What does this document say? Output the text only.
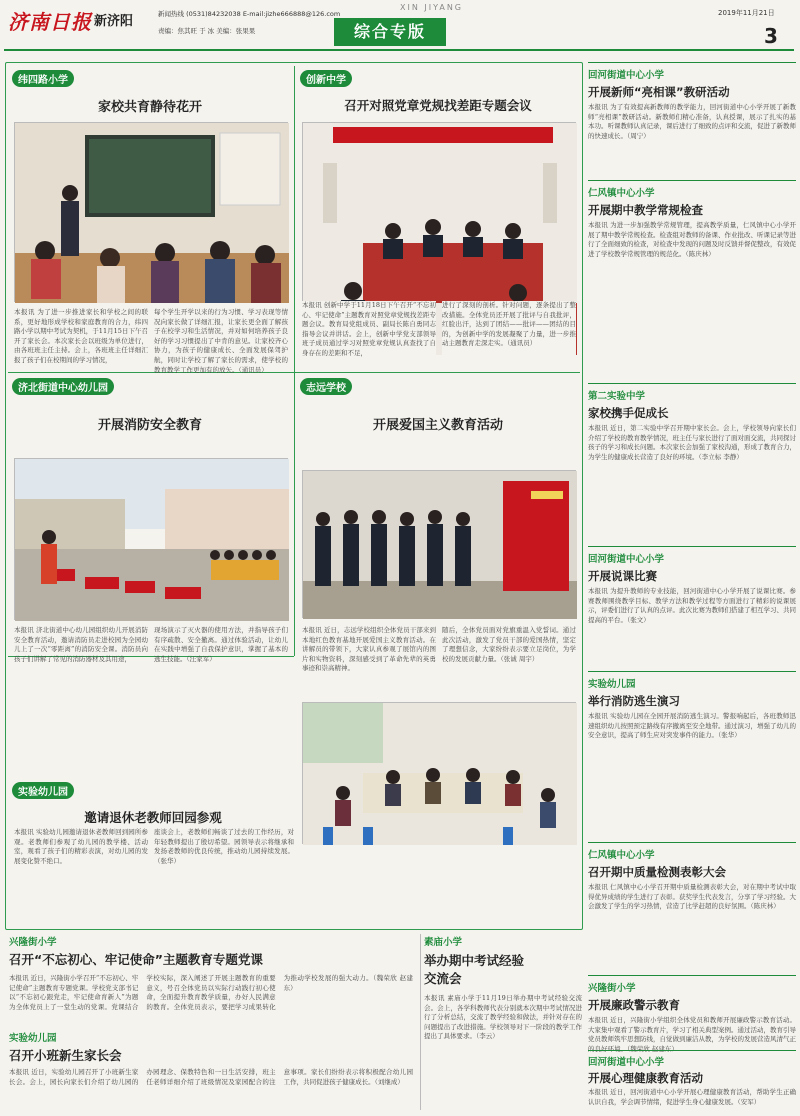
济南日报 新济阳	新闻热线 (0531)84232038 E-mail:jizhe666888@126.com
责编：焦其旺 于 冰 美编：张果果
XIN JIYANG
综合专版
2019年11月21日
3
纬四路小学
家校共育静待花开
本报讯 为了进一步推进家长和学校之间的联系，更好地形成学校和家庭教育的合力，纬四路小学以期中考试为契机，于11月15日下午召开了家长会。本次家长会以班级为单位进行，由各班班主任主持。会上，各班班主任详细汇报了孩子们在校期间的学习情况，
每个学生开学以来的行为习惯、学习表现等情况向家长做了详细汇报，让家长更全面了解孩子在校学习和生活情况，并对如何培养孩子良好的学习习惯提出了中肯的意见。让家校齐心协力，为孩子的健康成长、全面发展保驾护航，同时让学校了解了家长的需求，使学校的教育教学工作更加有的放矢。（通讯员）
创新中学
召开对照党章党规找差距专题会议
本报讯 创新中学于11月18日下午召开“不忘初心、牢记使命”主题教育对照党章党规找差距专题会议。教育局党组成员、副局长陈自勇同志指导会议并讲话。会上，创新中学党支部领导班子成员通过学习对照党章党规认真查找了自身存在的差距和不足，
进行了深刻的剖析。针对问题，逐条提出了整改措施。全体党员还开展了批评与自我批评，红脸出汗，达到了团结——批评——团结的目的，为创新中学的发展凝聚了力量，进一步推动主题教育走深走实。（通讯员）
济北街道中心幼儿园
开展消防安全教育
本报讯 济北街道中心幼儿园组织幼儿开展消防安全教育活动，邀请消防员走进校园为全园幼儿上了一次“零距离”的消防安全课。消防员向孩子们讲解了常见的消防器材及其用途，
现场演示了灭火器的使用方法，并指导孩子们有序疏散、安全撤离。通过体验活动，让幼儿在实践中增强了自我保护意识，掌握了基本的逃生技能。（汪家军）
志远学校
开展爱国主义教育活动
本报讯 近日，志远学校组织全体党员干部来到本地红色教育基地开展爱国主义教育活动。在讲解员的带领下，大家认真参观了展馆内的图片和实物资料，深刻感受到了革命先辈的英勇事迹和崇高精神。
随后，全体党员面对党旗重温入党誓词。通过此次活动，激发了党员干部的爱国热情，坚定了理想信念，大家纷纷表示要立足岗位，为学校的发展贡献力量。（张诚 周宇）
实验幼儿园
邀请退休老教师回园参观
本报讯 实验幼儿园邀请退休老教师回到园所参观。老教师们参观了幼儿园的教学楼、活动室，观看了孩子们的精彩表演，对幼儿园的发展变化赞不绝口。
座谈会上，老教师们畅谈了过去的工作经历，对年轻教师提出了殷切希望。园领导表示将继承和发扬老教师的优良传统，推动幼儿园持续发展。（张华）
兴隆街小学
召开“不忘初心、牢记使命”主题教育专题党课
本报讯 近日，兴隆街小学召开“不忘初心、牢记使命”主题教育专题党课。学校党支部书记以“不忘初心跟党走，牢记使命育新人”为题为全体党员上了一堂生动的党课。党课结合学校实际，深入阐述了开展主题教育的重要意义，号召全体党员以实际行动践行初心使命，全面提升教育教学质量，办好人民满意的教育。全体党员表示，要把学习成果转化为推动学校发展的强大动力。（魏荣欣 赵建东）
素庙小学
举办期中考试经验交流会
本报讯 素庙小学于11月19日举办期中考试经验交流会。会上，各学科教师代表分别就本次期中考试情况进行了分析总结，交流了教学经验和做法，并针对存在的问题提出了改进措施。学校领导对下一阶段的教学工作提出了具体要求。（李云）
实验幼儿园
召开小班新生家长会
本报讯 近日，实验幼儿园召开了小班新生家长会。会上，园长向家长们介绍了幼儿园的办园理念、保教特色和一日生活安排，班主任老师详细介绍了班级情况及家园配合的注意事项。家长们纷纷表示将积极配合幼儿园工作，共同促进孩子健康成长。（刘继成）
回河街道中心小学
开展新师“亮相课”教研活动
本报讯 为了有效提高新教师的教学能力，回河街道中心小学开展了新教师“亮相课”教研活动。新教师们精心准备，认真授课，展示了扎实的基本功。听课教师认真记录，课后进行了细致的点评和交流，促进了新教师的快速成长。（周宁）
仁风镇中心小学
开展期中教学常规检查
本报讯 为进一步加强教学常规管理，提高教学质量，仁风镇中心小学开展了期中教学常规检查。检查组对教师的备课、作业批改、听课记录等进行了全面细致的检查，对检查中发现的问题及时反馈并督促整改，有效促进了学校教学常规管理的规范化。（陈庆林）
第二实验中学
家校携手促成长
本报讯 近日，第二实验中学召开期中家长会。会上，学校领导向家长们介绍了学校的教育教学情况，班主任与家长进行了面对面交流，共同探讨孩子的学习和成长问题。本次家长会加强了家校沟通，形成了教育合力，为学生的健康成长营造了良好的环境。（李立标 李静）
回河街道中心小学
开展说课比赛
本报讯 为提升教师的专业技能，回河街道中心小学开展了说课比赛。参赛教师围绕教学目标、教学方法和教学过程等方面进行了精彩的说课展示，评委们进行了认真的点评。此次比赛为教师们搭建了相互学习、共同提高的平台。（张文）
实验幼儿园
举行消防逃生演习
本报讯 实验幼儿园在全园开展消防逃生演习。警报响起后，各班教师迅速组织幼儿按照预定路线有序撤离至安全地带。通过演习，增强了幼儿的安全意识，提高了师生应对突发事件的能力。（张华）
仁风镇中心小学
召开期中质量检测表彰大会
本报讯 仁风镇中心小学召开期中质量检测表彰大会，对在期中考试中取得优异成绩的学生进行了表彰。获奖学生代表发言，分享了学习经验。大会激发了学生的学习热情，营造了比学赶超的良好氛围。（陈庆林）
兴隆街小学
开展廉政警示教育
本报讯 近日，兴隆街小学组织全体党员和教师开展廉政警示教育活动。大家集中观看了警示教育片，学习了相关典型案例。通过活动，教育引导党员教师筑牢思想防线，自觉做到廉洁从教，为学校的发展营造风清气正的良好环境。（魏荣欣 赵建东）
回河街道中心小学
开展心理健康教育活动
本报讯 近日，回河街道中心小学开展心理健康教育活动，帮助学生正确认识自我，学会调节情绪，促进学生身心健康发展。（安军）
